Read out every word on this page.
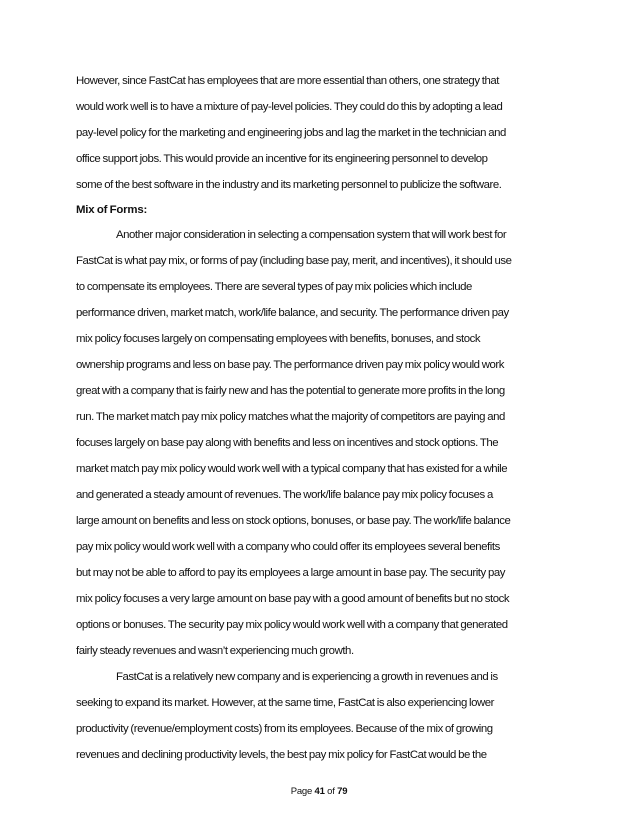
However, since FastCat has employees that are more essential than others, one strategy that
would work well is to have a mixture of pay-level policies. They could do this by adopting a lead
pay-level policy for the marketing and engineering jobs and lag the market in the technician and
office support jobs. This would provide an incentive for its engineering personnel to develop
some of the best software in the industry and its marketing personnel to publicize the software.
Mix of Forms:
Another major consideration in selecting a compensation system that will work best for
FastCat is what pay mix, or forms of pay (including base pay, merit, and incentives), it should use
to compensate its employees. There are several types of pay mix policies which include
performance driven, market match, work/life balance, and security. The performance driven pay
mix policy focuses largely on compensating employees with benefits, bonuses, and stock
ownership programs and less on base pay. The performance driven pay mix policy would work
great with a company that is fairly new and has the potential to generate more profits in the long
run. The market match pay mix policy matches what the majority of competitors are paying and
focuses largely on base pay along with benefits and less on incentives and stock options. The
market match pay mix policy would work well with a typical company that has existed for a while
and generated a steady amount of revenues. The work/life balance pay mix policy focuses a
large amount on benefits and less on stock options, bonuses, or base pay. The work/life balance
pay mix policy would work well with a company who could offer its employees several benefits
but may not be able to afford to pay its employees a large amount in base pay. The security pay
mix policy focuses a very large amount on base pay with a good amount of benefits but no stock
options or bonuses. The security pay mix policy would work well with a company that generated
fairly steady revenues and wasn’t experiencing much growth.
FastCat is a relatively new company and is experiencing a growth in revenues and is
seeking to expand its market. However, at the same time, FastCat is also experiencing lower
productivity (revenue/employment costs) from its employees. Because of the mix of growing
revenues and declining productivity levels, the best pay mix policy for FastCat would be the
Page 41 of 79
